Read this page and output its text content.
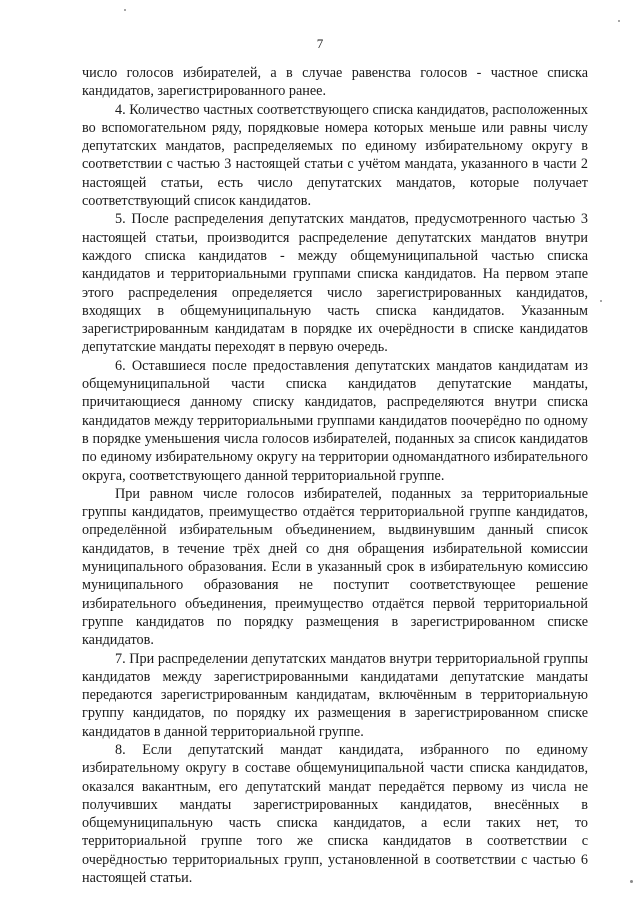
7

число голосов избирателей, а в случае равенства голосов - частное списка кандидатов, зарегистрированного ранее.

4. Количество частных соответствующего списка кандидатов, расположенных во вспомогательном ряду, порядковые номера которых меньше или равны числу депутатских мандатов, распределяемых по единому избирательному округу в соответствии с частью 3 настоящей статьи с учётом мандата, указанного в части 2 настоящей статьи, есть число депутатских мандатов, которые получает соответствующий список кандидатов.

5. После распределения депутатских мандатов, предусмотренного частью 3 настоящей статьи, производится распределение депутатских мандатов внутри каждого списка кандидатов - между общемуниципальной частью списка кандидатов и территориальными группами списка кандидатов. На первом этапе этого распределения определяется число зарегистрированных кандидатов, входящих в общемуниципальную часть списка кандидатов. Указанным зарегистрированным кандидатам в порядке их очерёдности в списке кандидатов депутатские мандаты переходят в первую очередь.

6. Оставшиеся после предоставления депутатских мандатов кандидатам из общемуниципальной части списка кандидатов депутатские мандаты, причитающиеся данному списку кандидатов, распределяются внутри списка кандидатов между территориальными группами кандидатов поочерёдно по одному в порядке уменьшения числа голосов избирателей, поданных за список кандидатов по единому избирательному округу на территории одномандатного избирательного округа, соответствующего данной территориальной группе.

При равном числе голосов избирателей, поданных за территориальные группы кандидатов, преимущество отдаётся территориальной группе кандидатов, определённой избирательным объединением, выдвинувшим данный список кандидатов, в течение трёх дней со дня обращения избирательной комиссии муниципального образования. Если в указанный срок в избирательную комиссию муниципального образования не поступит соответствующее решение избирательного объединения, преимущество отдаётся первой территориальной группе кандидатов по порядку размещения в зарегистрированном списке кандидатов.

7. При распределении депутатских мандатов внутри территориальной группы кандидатов между зарегистрированными кандидатами депутатские мандаты передаются зарегистрированным кандидатам, включённым в территориальную группу кандидатов, по порядку их размещения в зарегистрированном списке кандидатов в данной территориальной группе.

8. Если депутатский мандат кандидата, избранного по единому избирательному округу в составе общемуниципальной части списка кандидатов, оказался вакантным, его депутатский мандат передаётся первому из числа не получивших мандаты зарегистрированных кандидатов, внесённых в общемуниципальную часть списка кандидатов, а если таких нет, то территориальной группе того же списка кандидатов в соответствии с очерёдностью территориальных групп, установленной в соответствии с частью 6 настоящей статьи.
